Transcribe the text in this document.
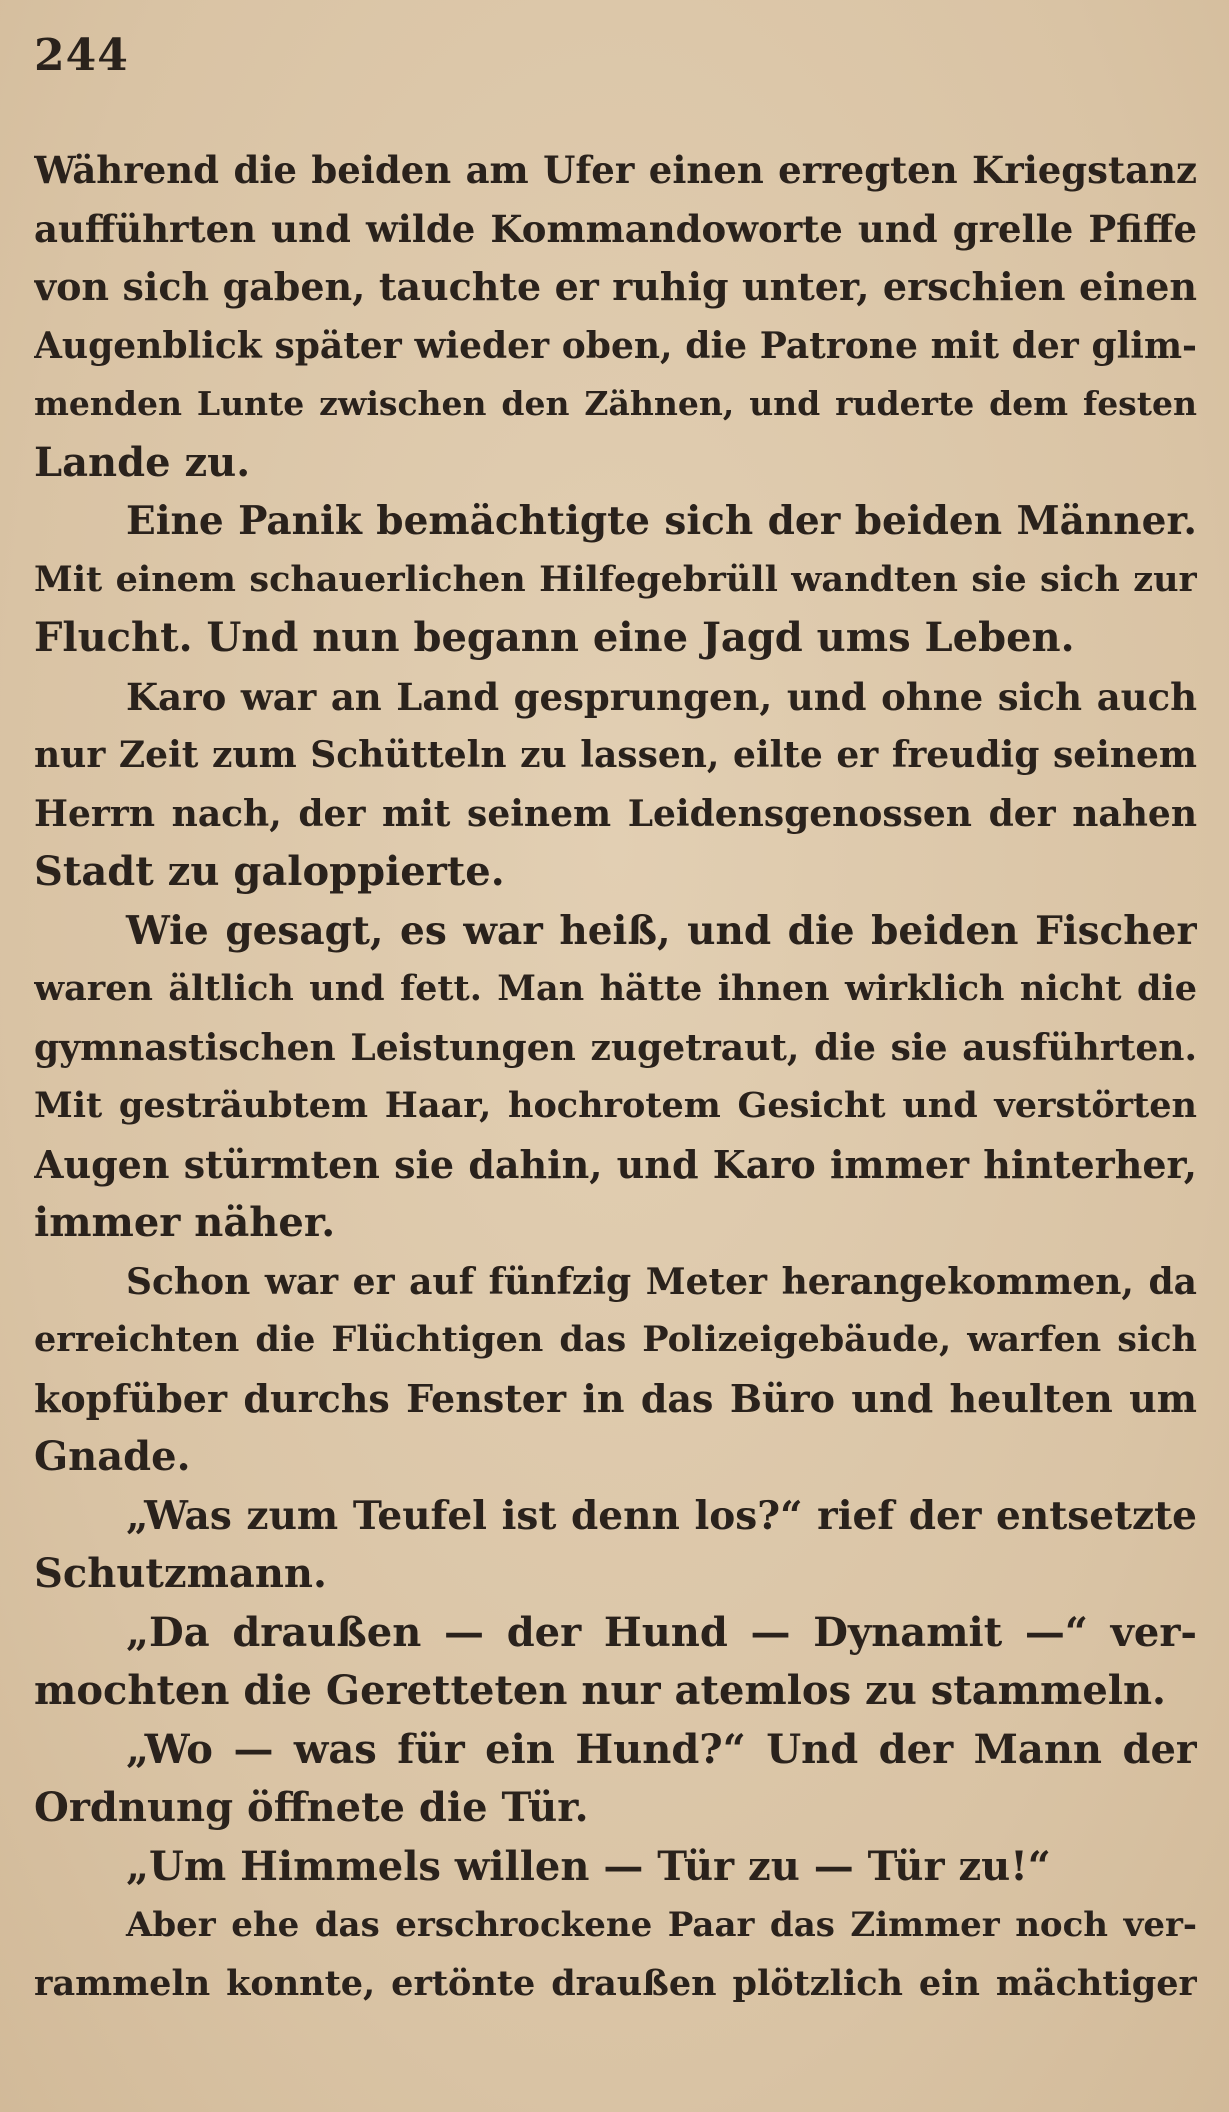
244
Während die beiden am Ufer einen erregten Kriegstanz
aufführten und wilde Kommandoworte und grelle Pfiffe
von sich gaben, tauchte er ruhig unter, erschien einen
Augenblick später wieder oben, die Patrone mit der glim-
menden Lunte zwischen den Zähnen, und ruderte dem festen
Lande zu.
Eine Panik bemächtigte sich der beiden Männer.
Mit einem schauerlichen Hilfegebrüll wandten sie sich zur
Flucht. Und nun begann eine Jagd ums Leben.
Karo war an Land gesprungen, und ohne sich auch
nur Zeit zum Schütteln zu lassen, eilte er freudig seinem
Herrn nach, der mit seinem Leidensgenossen der nahen
Stadt zu galoppierte.
Wie gesagt, es war heiß, und die beiden Fischer
waren ältlich und fett. Man hätte ihnen wirklich nicht die
gymnastischen Leistungen zugetraut, die sie ausführten.
Mit gesträubtem Haar, hochrotem Gesicht und verstörten
Augen stürmten sie dahin, und Karo immer hinterher,
immer näher.
Schon war er auf fünfzig Meter herangekommen, da
erreichten die Flüchtigen das Polizeigebäude, warfen sich
kopfüber durchs Fenster in das Büro und heulten um
Gnade.
„Was zum Teufel ist denn los?“ rief der entsetzte
Schutzmann.
„Da draußen — der Hund — Dynamit —“ ver-
mochten die Geretteten nur atemlos zu stammeln.
„Wo — was für ein Hund?“ Und der Mann der
Ordnung öffnete die Tür.
„Um Himmels willen — Tür zu — Tür zu!“
Aber ehe das erschrockene Paar das Zimmer noch ver-
rammeln konnte, ertönte draußen plötzlich ein mächtiger
